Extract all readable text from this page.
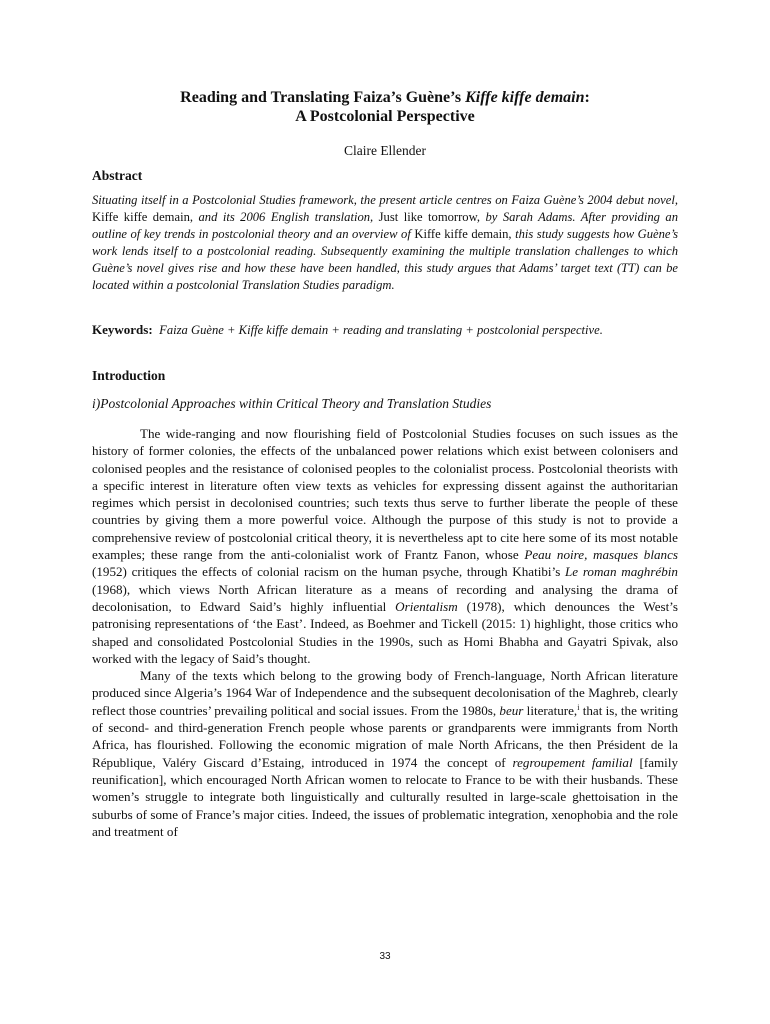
Reading and Translating Faiza’s Guène’s Kiffe kiffe demain:
A Postcolonial Perspective
Claire Ellender
Abstract
Situating itself in a Postcolonial Studies framework, the present article centres on Faiza Guène’s 2004 debut novel, Kiffe kiffe demain, and its 2006 English translation, Just like tomorrow, by Sarah Adams. After providing an outline of key trends in postcolonial theory and an overview of Kiffe kiffe demain, this study suggests how Guène’s work lends itself to a postcolonial reading. Subsequently examining the multiple translation challenges to which Guène’s novel gives rise and how these have been handled, this study argues that Adams’ target text (TT) can be located within a postcolonial Translation Studies paradigm.
Keywords: Faiza Guène + Kiffe kiffe demain + reading and translating + postcolonial perspective.
Introduction
i)Postcolonial Approaches within Critical Theory and Translation Studies

The wide-ranging and now flourishing field of Postcolonial Studies focuses on such issues as the history of former colonies, the effects of the unbalanced power relations which exist between colonisers and colonised peoples and the resistance of colonised peoples to the colonialist process. Postcolonial theorists with a specific interest in literature often view texts as vehicles for expressing dissent against the authoritarian regimes which persist in decolonised countries; such texts thus serve to further liberate the people of these countries by giving them a more powerful voice. Although the purpose of this study is not to provide a comprehensive review of postcolonial critical theory, it is nevertheless apt to cite here some of its most notable examples; these range from the anti-colonialist work of Frantz Fanon, whose Peau noire, masques blancs (1952) critiques the effects of colonial racism on the human psyche, through Khatibi’s Le roman maghrébin (1968), which views North African literature as a means of recording and analysing the drama of decolonisation, to Edward Said’s highly influential Orientalism (1978), which denounces the West’s patronising representations of ‘the East’. Indeed, as Boehmer and Tickell (2015: 1) highlight, those critics who shaped and consolidated Postcolonial Studies in the 1990s, such as Homi Bhabha and Gayatri Spivak, also worked with the legacy of Said’s thought.

Many of the texts which belong to the growing body of French-language, North African literature produced since Algeria’s 1964 War of Independence and the subsequent decolonisation of the Maghreb, clearly reflect those countries’ prevailing political and social issues. From the 1980s, beur literature,$^i$ that is, the writing of second- and third-generation French people whose parents or grandparents were immigrants from North Africa, has flourished. Following the economic migration of male North Africans, the then Président de la République, Valéry Giscard d’Estaing, introduced in 1974 the concept of regroupement familial [family reunification], which encouraged North African women to relocate to France to be with their husbands. These women’s struggle to integrate both linguistically and culturally resulted in large-scale ghettoisation in the suburbs of some of France’s major cities. Indeed, the issues of problematic integration, xenophobia and the role and treatment of

33
